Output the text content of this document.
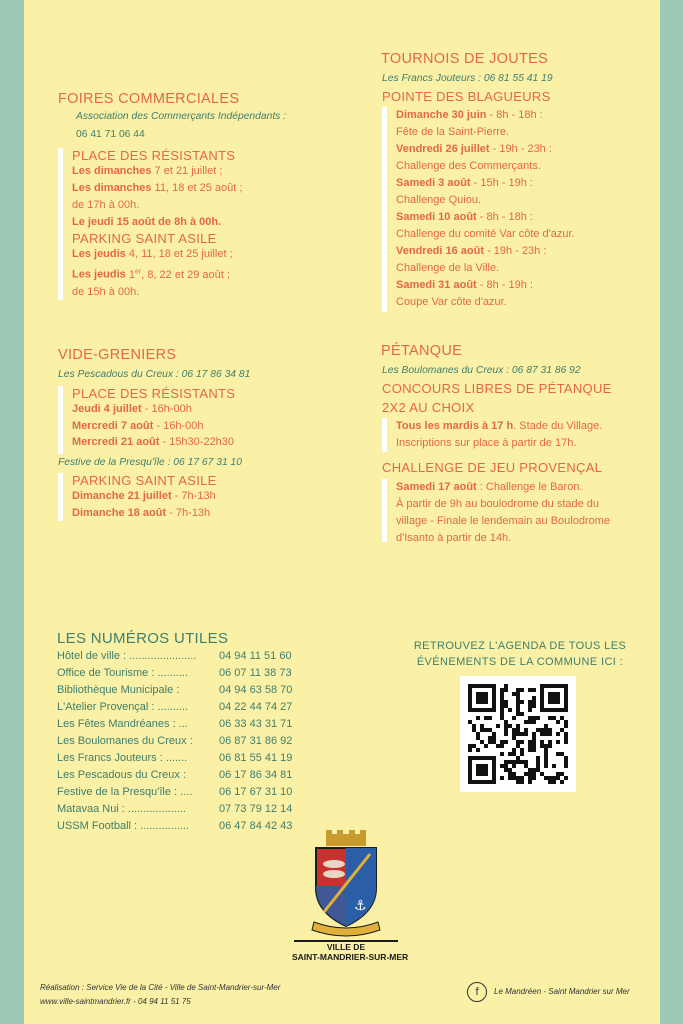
FOIRES COMMERCIALES
Association des Commerçants Indépendants :
06 41 71 06 44
PLACE DES RÉSISTANTS
Les dimanches 7 et 21 juillet ;
Les dimanches 11, 18 et 25 août ;
de 17h à 00h.
Le jeudi 15 août de 8h à 00h.
PARKING SAINT ASILE
Les jeudis 4, 11, 18 et 25 juillet ;
Les jeudis 1er, 8, 22 et 29 août ;
de 15h à 00h.
VIDE-GRENIERS
Les Pescadous du Creux : 06 17 86 34 81
PLACE DES RÉSISTANTS
Jeudi 4 juillet - 16h-00h
Mercredi 7 août - 16h-00h
Mercredi 21 août - 15h30-22h30
Festive de la Presqu'île : 06 17 67 31 10
PARKING SAINT ASILE
Dimanche 21 juillet - 7h-13h
Dimanche 18 août - 7h-13h
TOURNOIS DE JOUTES
Les Francs Jouteurs : 06 81 55 41 19
POINTE DES BLAGUEURS
Dimanche 30 juin - 8h - 18h :
Fête de la Saint-Pierre.
Vendredi 26 juillet - 19h - 23h :
Challenge des Commerçants.
Samedi 3 août - 15h - 19h :
Challenge Quiou.
Samedi 10 août - 8h - 18h :
Challenge du comité Var côte d'azur.
Vendredi 16 août - 19h - 23h :
Challenge de la Ville.
Samedi 31 août - 8h - 19h :
Coupe Var côte d'azur.
PÉTANQUE
Les Boulomanes du Creux : 06 87 31 86 92
CONCOURS LIBRES DE PÉTANQUE
2X2 AU CHOIX
Tous les mardis à 17 h. Stade du Village.
Inscriptions sur place à partir de 17h.
CHALLENGE DE JEU PROVENÇAL
Samedi 17 août : Challenge le Baron.
À partir de 9h au boulodrome du stade du
village - Finale le lendemain au Boulodrome
d'Isanto à partir de 14h.
LES NUMÉROS UTILES
Hôtel de ville : ...................... 04 94 11 51 60
Office de Tourisme : ..........	06 07 11 38 73
Bibliothèque Municipale :	04 94 63 58 70
L'Atelier Provençal : ..........	04 22 44 74 27
Les Fêtes Mandréanes : ...	06 33 43 31 71
Les Boulomanes du Creux : 06 87 31 86 92
Les Francs Jouteurs : .......	06 81 55 41 19
Les Pescadous du Creux :	06 17 86 34 81
Festive de la Presqu'île : .... 06 17 67 31 10
Matavaa Nui : ...................	07 73 79 12 14
USSM Football : ................	06 47 84 42 43
RETROUVEZ L'AGENDA DE TOUS LES
ÉVÉNEMENTS DE LA COMMUNE ICI :
⚓
VILLE DE
SAINT-MANDRIER-SUR-MER
Réalisation : Service Vie de la Cité - Ville de Saint-Mandrier-sur-Mer
www.ville-saintmandrier.fr - 04 94 11 51 75
f	Le Mandréen - Saint Mandrier sur Mer
